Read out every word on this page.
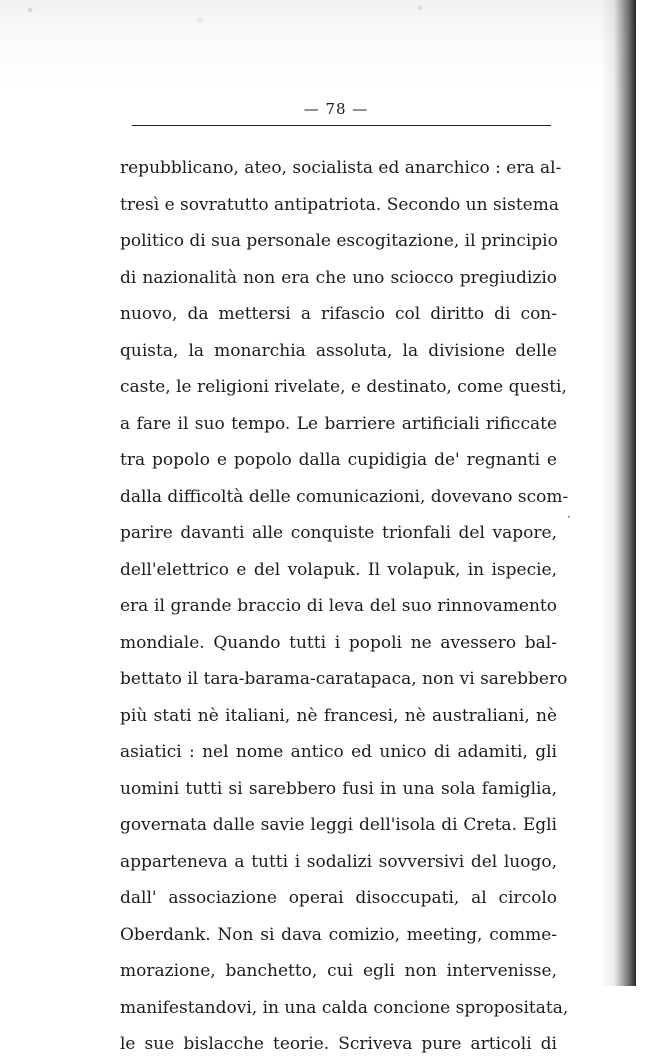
— 78 —
·
repubblicano, ateo, socialista ed anarchico : era al-
tresì e sovratutto antipatriota. Secondo un sistema
politico di sua personale escogitazione, il principio
di nazionalità non era che uno sciocco pregiudizio
nuovo, da mettersi a rifascio col diritto di con-
quista, la monarchia assoluta, la divisione delle
caste, le religioni rivelate, e destinato, come questi,
a fare il suo tempo. Le barriere artificiali rificcate
tra popolo e popolo dalla cupidigia de' regnanti e
dalla difficoltà delle comunicazioni, dovevano scom-
parire davanti alle conquiste trionfali del vapore,
dell'elettrico e del volapuk. Il volapuk, in ispecie,
era il grande braccio di leva del suo rinnovamento
mondiale. Quando tutti i popoli ne avessero bal-
bettato il tara-barama-caratapaca, non vi sarebbero
più stati nè italiani, nè francesi, nè australiani, nè
asiatici : nel nome antico ed unico di adamiti, gli
uomini tutti si sarebbero fusi in una sola famiglia,
governata dalle savie leggi dell'isola di Creta. Egli
apparteneva a tutti i sodalizi sovversivi del luogo,
dall' associazione operai disoccupati, al circolo
Oberdank. Non si dava comizio, meeting, comme-
morazione, banchetto, cui egli non intervenisse,
manifestandovi, in una calda concione spropositata,
le sue bislacche teorie. Scriveva pure articoli di
